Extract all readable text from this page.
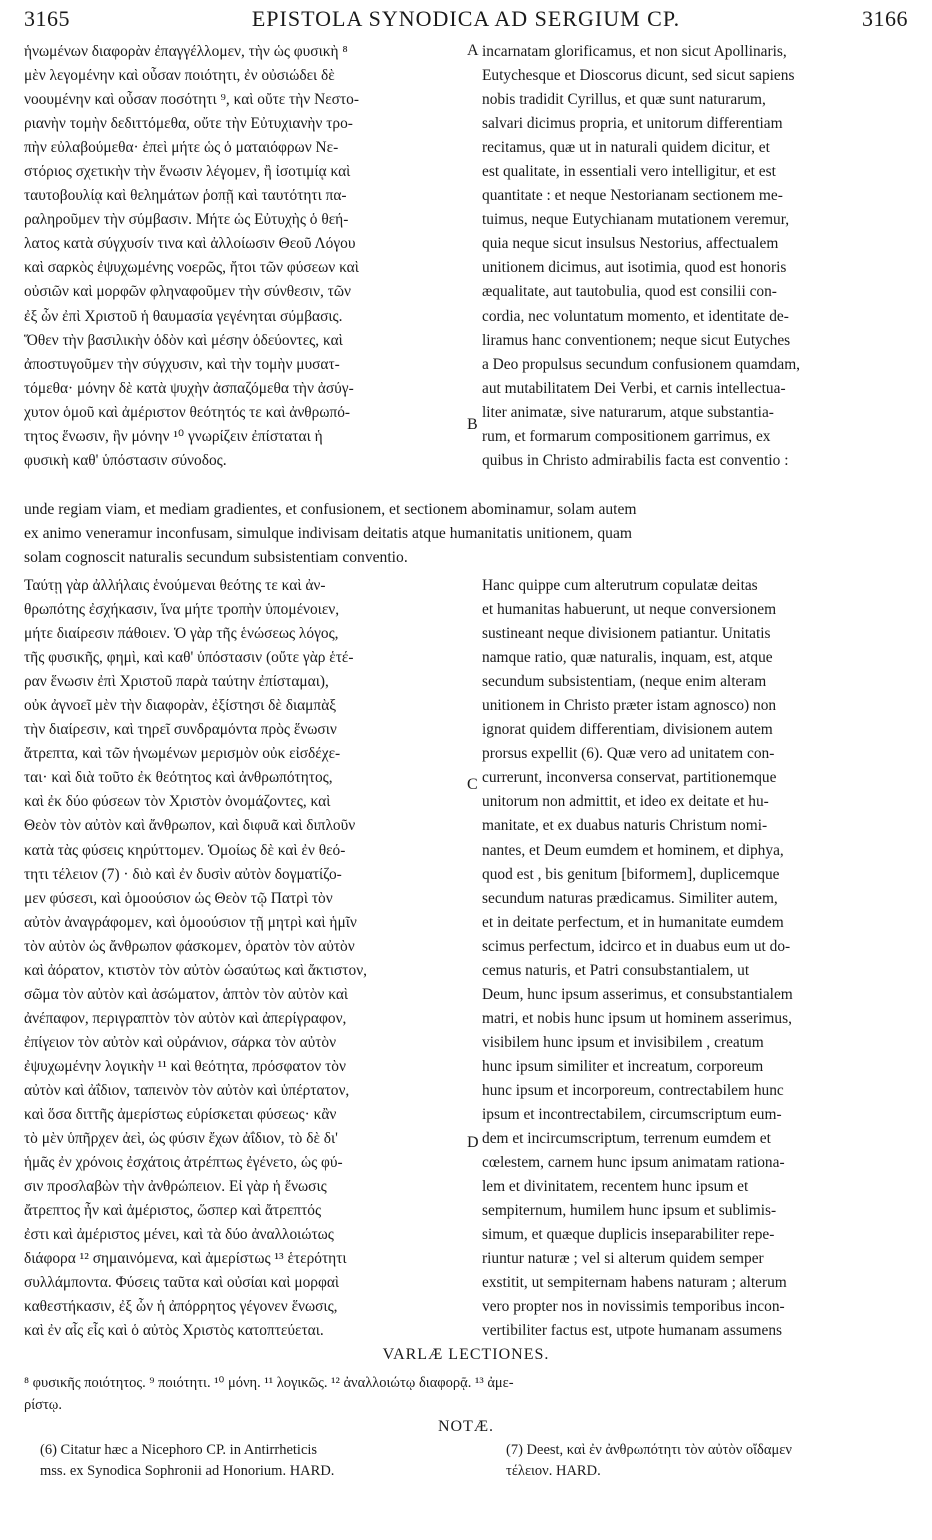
3165	EPISTOLA SYNODICA AD SERGIUM CP.	3166
ἡνωμένων διαφορὰν ἐπαγγέλλομεν, τὴν ὡς φυσικὴ ⁸
μὲν λεγομένην καὶ οὖσαν ποιότητι, ἐν οὐσιώδει δὲ
νοουμένην καὶ οὖσαν ποσότητι ⁹, καὶ οὔτε τὴν Νεστο-
ριανὴν τομὴν δεδιττόμεθα, οὔτε τὴν Εὐτυχιανὴν τρο-
πὴν εὐλαβούμεθα· ἐπεὶ μήτε ὡς ὁ ματαιόφρων Νε-
στόριος σχετικὴν τὴν ἕνωσιν λέγομεν, ἢ ἰσοτιμίᾳ καὶ
ταυτοβουλίᾳ καὶ θελημάτων ῥοπῇ καὶ ταυτότητι πα-
ραληροῦμεν τὴν σύμβασιν. Μήτε ὡς Εὐτυχὴς ὁ θεή-
λατος κατὰ σύγχυσίν τινα καὶ ἀλλοίωσιν Θεοῦ Λόγου
καὶ σαρκὸς ἐψυχωμένης νοερῶς, ἤτοι τῶν φύσεων καὶ
οὐσιῶν καὶ μορφῶν φληναφοῦμεν τὴν σύνθεσιν, τῶν
ἐξ ὧν ἐπὶ Χριστοῦ ἡ θαυμασία γεγένηται σύμβασις.
Ὅθεν τὴν βασιλικὴν ὁδὸν καὶ μέσην ὁδεύοντες, καὶ
ἀποστυγοῦμεν τὴν σύγχυσιν, καὶ τὴν τομὴν μυσατ-
τόμεθα· μόνην δὲ κατὰ ψυχὴν ἀσπαζόμεθα τὴν ἀσύγ-
χυτον ὁμοῦ καὶ ἀμέριστον θεότητός τε καὶ ἀνθρωπό-
τητος ἕνωσιν, ἣν μόνην ¹⁰ γνωρίζειν ἐπίσταται ἡ
φυσικὴ καθ' ὑπόστασιν σύνοδος.
incarnatam glorificamus, et non sicut Apollinaris,
Eutychesque et Dioscorus dicunt, sed sicut sapiens
nobis tradidit Cyrillus, et quæ sunt naturarum,
salvari dicimus propria, et unitorum differentiam
recitamus, quæ ut in naturali quidem dicitur, et
est qualitate, in essentiali vero intelligitur, et est
quantitate : et neque Nestorianam sectionem me-
tuimus, neque Eutychianam mutationem veremur,
quia neque sicut insulsus Nestorius, affectualem
unitionem dicimus, aut isotimia, quod est honoris
æqualitate, aut tautobulia, quod est consilii con-
cordia, nec voluntatum momento, et identitate de-
liramus hanc conventionem; neque sicut Eutyches
a Deo propulsus secundum confusionem quamdam,
aut mutabilitatem Dei Verbi, et carnis intellectua-
liter animatæ, sive naturarum, atque substantia-
rum, et formarum compositionem garrimus, ex
quibus in Christo admirabilis facta est conventio :
A
B
C
D
unde regiam viam, et mediam gradientes, et confusionem, et sectionem abominamur, solam autem
ex animo veneramur inconfusam, simulque indivisam deitatis atque humanitatis unitionem, quam
solam cognoscit naturalis secundum subsistentiam conventio.
Ταύτῃ γὰρ ἀλλήλαις ἑνούμεναι θεότης τε καὶ ἀν-
θρωπότης ἐσχήκασιν, ἵνα μήτε τροπὴν ὑπομένοιεν,
μήτε διαίρεσιν πάθοιεν. Ὁ γὰρ τῆς ἑνώσεως λόγος,
τῆς φυσικῆς, φημὶ, καὶ καθ' ὑπόστασιν (οὔτε γὰρ ἑτέ-
ραν ἕνωσιν ἐπὶ Χριστοῦ παρὰ ταύτην ἐπίσταμαι),
οὐκ ἀγνοεῖ μὲν τὴν διαφορὰν, ἐξίστησι δὲ διαμπὰξ
τὴν διαίρεσιν, καὶ τηρεῖ συνδραμόντα πρὸς ἕνωσιν
ἄτρεπτα, καὶ τῶν ἡνωμένων μερισμὸν οὐκ εἰσδέχε-
ται· καὶ διὰ τοῦτο ἐκ θεότητος καὶ ἀνθρωπότητος,
καὶ ἐκ δύο φύσεων τὸν Χριστὸν ὀνομάζοντες, καὶ
Θεὸν τὸν αὐτὸν καὶ ἄνθρωπον, καὶ διφυᾶ καὶ διπλοῦν
κατὰ τὰς φύσεις κηρύττομεν. Ὁμοίως δὲ καὶ ἐν θεό-
τητι τέλειον (7) · διὸ καὶ ἐν δυσὶν αὐτὸν δογματίζο-
μεν φύσεσι, καὶ ὁμοούσιον ὡς Θεὸν τῷ Πατρὶ τὸν
αὐτὸν ἀναγράφομεν, καὶ ὁμοούσιον τῇ μητρὶ καὶ ἡμῖν
τὸν αὐτὸν ὡς ἄνθρωπον φάσκομεν, ὁρατὸν τὸν αὐτὸν
καὶ ἀόρατον, κτιστὸν τὸν αὐτὸν ὡσαύτως καὶ ἄκτιστον,
σῶμα τὸν αὐτὸν καὶ ἀσώματον, ἁπτὸν τὸν αὐτὸν καὶ
ἀνέπαφον, περιγραπτὸν τὸν αὐτὸν καὶ ἀπερίγραφον,
ἐπίγειον τὸν αὐτὸν καὶ οὐράνιον, σάρκα τὸν αὐτὸν
ἐψυχωμένην λογικὴν ¹¹ καὶ θεότητα, πρόσφατον τὸν
αὐτὸν καὶ ἀΐδιον, ταπεινὸν τὸν αὐτὸν καὶ ὑπέρτατον,
καὶ ὅσα διττῆς ἀμερίστως εὑρίσκεται φύσεως· κἂν
τὸ μὲν ὑπῆρχεν ἀεὶ, ὡς φύσιν ἔχων ἀΐδιον, τὸ δὲ δι'
ἡμᾶς ἐν χρόνοις ἐσχάτοις ἀτρέπτως ἐγένετο, ὡς φύ-
σιν προσλαβὼν τὴν ἀνθρώπειον. Εἰ γὰρ ἡ ἕνωσις
ἄτρεπτος ἦν καὶ ἀμέριστος, ὥσπερ καὶ ἄτρεπτός
ἐστι καὶ ἀμέριστος μένει, καὶ τὰ δύο ἀναλλοιώτως
διάφορα ¹² σημαινόμενα, καὶ ἀμερίστως ¹³ ἑτερότητι
συλλάμποντα. Φύσεις ταῦτα καὶ οὐσίαι καὶ μορφαὶ
καθεστήκασιν, ἐξ ὧν ἡ ἀπόρρητος γέγονεν ἕνωσις,
καὶ ἐν αἷς εἷς καὶ ὁ αὐτὸς Χριστὸς κατοπτεύεται.
Hanc quippe cum alterutrum copulatæ deitas
et humanitas habuerunt, ut neque conversionem
sustineant neque divisionem patiantur. Unitatis
namque ratio, quæ naturalis, inquam, est, atque
secundum subsistentiam, (neque enim alteram
unitionem in Christo præter istam agnosco) non
ignorat quidem differentiam, divisionem autem
prorsus expellit (6). Quæ vero ad unitatem con-
currerunt, inconversa conservat, partitionemque
unitorum non admittit, et ideo ex deitate et hu-
manitate, et ex duabus naturis Christum nomi-
nantes, et Deum eumdem et hominem, et diphya,
quod est , bis genitum [biformem], duplicemque
secundum naturas prædicamus. Similiter autem,
et in deitate perfectum, et in humanitate eumdem
scimus perfectum, idcirco et in duabus eum ut do-
cemus naturis, et Patri consubstantialem, ut
Deum, hunc ipsum asserimus, et consubstantialem
matri, et nobis hunc ipsum ut hominem asserimus,
visibilem hunc ipsum et invisibilem , creatum
hunc ipsum similiter et increatum, corporeum
hunc ipsum et incorporeum, contrectabilem hunc
ipsum et incontrectabilem, circumscriptum eum-
dem et incircumscriptum, terrenum eumdem et
cœlestem, carnem hunc ipsum animatam rationa-
lem et divinitatem, recentem hunc ipsum et
sempiternum, humilem hunc ipsum et sublimis-
simum, et quæque duplicis inseparabiliter repe-
riuntur naturæ ; vel si alterum quidem semper
exstitit, ut sempiternam habens naturam ; alterum
vero propter nos in novissimis temporibus incon-
vertibiliter factus est, utpote humanam assumens
VARLÆ LECTIONES.
⁸ φυσικῆς ποιότητος. ⁹ ποιότητι. ¹⁰ μόνη. ¹¹ λογικῶς. ¹² ἀναλλοιώτῳ διαφορᾷ. ¹³ ἀμε-
ρίστῳ.
NOTÆ.
(6) Citatur hæc a Nicephoro CP. in Antirrheticis
mss. ex Synodica Sophronii ad Honorium. HARD.
(7) Deest, καὶ ἐν ἀνθρωπότητι τὸν αὐτὸν οἴδαμεν
τέλειον. HARD.
